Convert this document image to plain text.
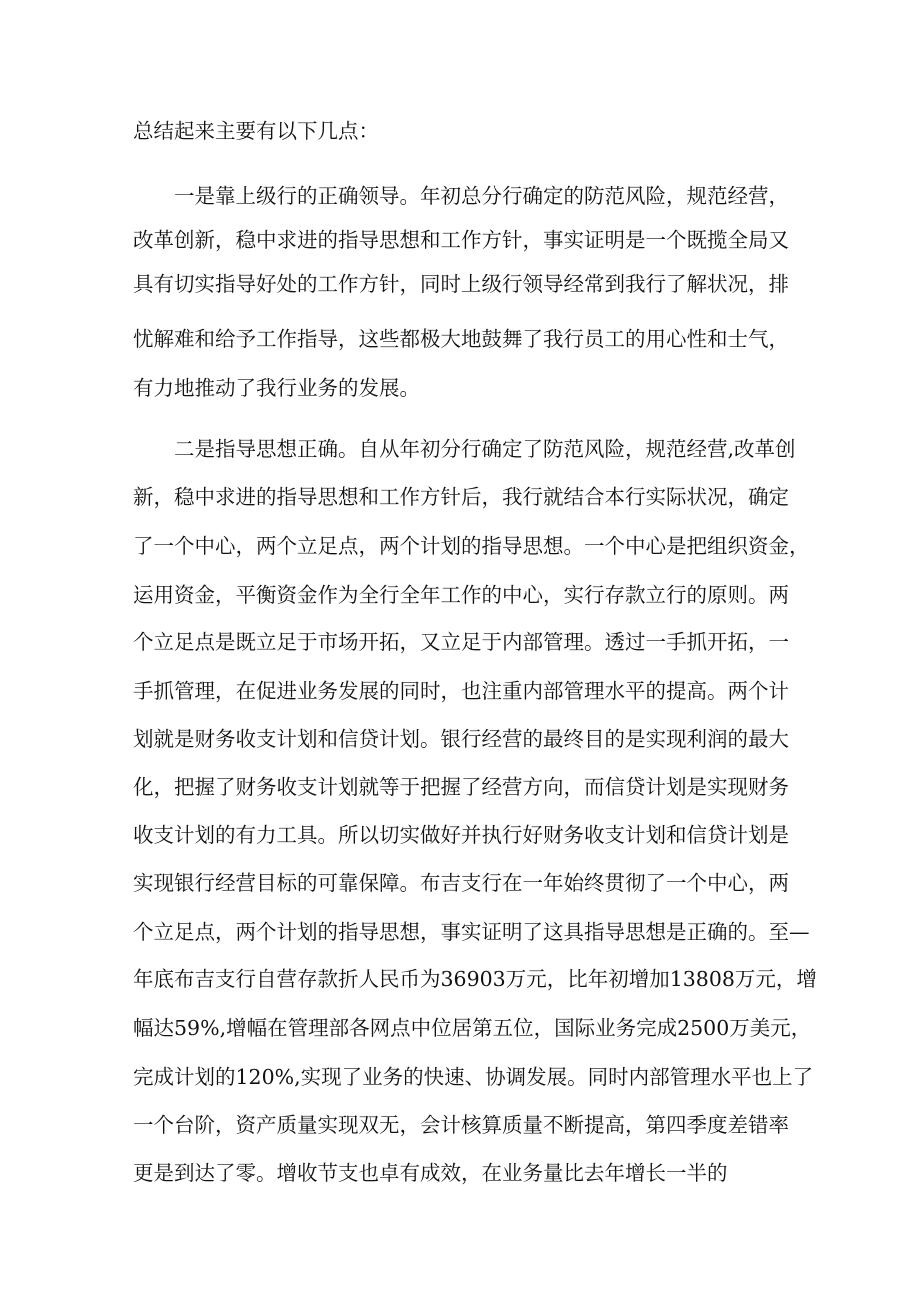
总结起来主要有以下几点：

一是靠上级行的正确领导。年初总分行确定的防范风险，规范经营，

改革创新，稳中求进的指导思想和工作方针，事实证明是一个既揽全局又

具有切实指导好处的工作方针，同时上级行领导经常到我行了解状况，排

忧解难和给予工作指导，这些都极大地鼓舞了我行员工的用心性和士气，

有力地推动了我行业务的发展。

二是指导思想正确。自从年初分行确定了防范风险，规范经营,改革创

新，稳中求进的指导思想和工作方针后，我行就结合本行实际状况，确定

了一个中心，两个立足点，两个计划的指导思想。一个中心是把组织资金，

运用资金，平衡资金作为全行全年工作的中心，实行存款立行的原则。两

个立足点是既立足于市场开拓，又立足于内部管理。透过一手抓开拓，一

手抓管理，在促进业务发展的同时，也注重内部管理水平的提高。两个计

划就是财务收支计划和信贷计划。银行经营的最终目的是实现利润的最大

化，把握了财务收支计划就等于把握了经营方向，而信贷计划是实现财务

收支计划的有力工具。所以切实做好并执行好财务收支计划和信贷计划是

实现银行经营目标的可靠保障。布吉支行在一年始终贯彻了一个中心，两

个立足点，两个计划的指导思想，事实证明了这具指导思想是正确的。至—

年底布吉支行自营存款折人民币为36903万元，比年初增加13808万元，增

幅达59%,增幅在管理部各网点中位居第五位，国际业务完成2500万美元，

完成计划的120%,实现了业务的快速、协调发展。同时内部管理水平也上了

一个台阶，资产质量实现双无，会计核算质量不断提高，第四季度差错率

更是到达了零。增收节支也卓有成效，在业务量比去年增长一半的
